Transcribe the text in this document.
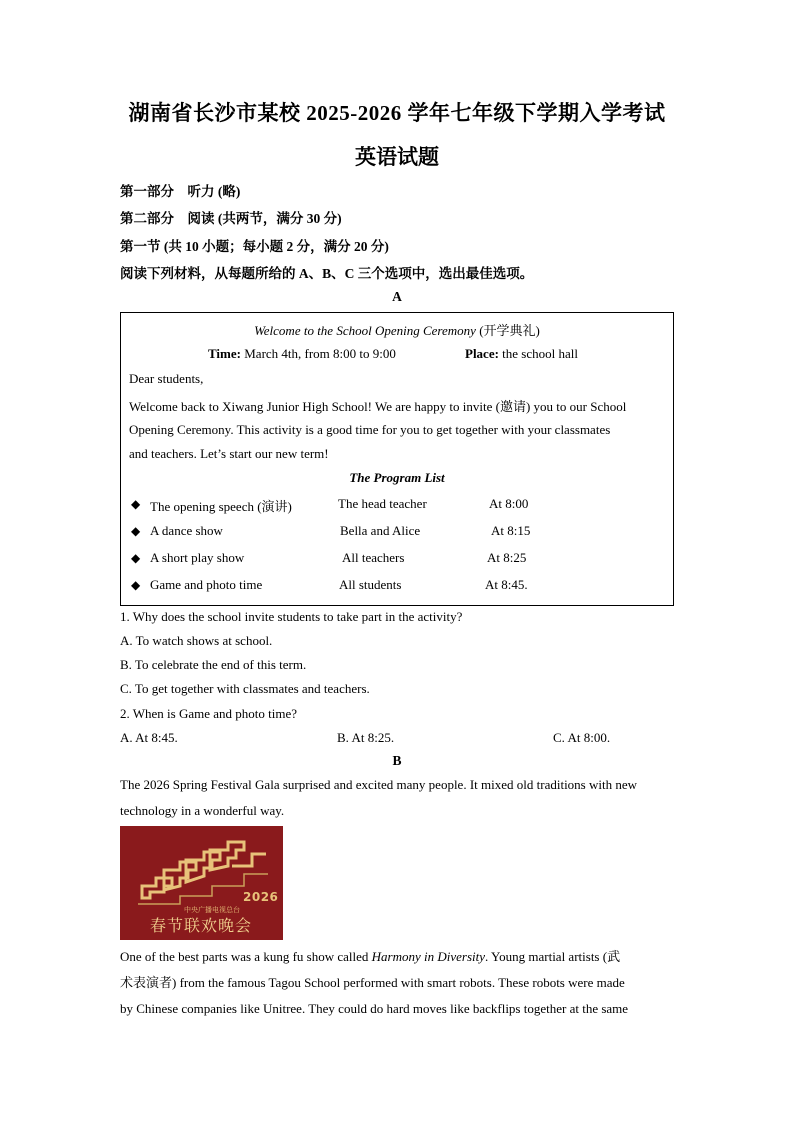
湖南省长沙市某校 2025-2026 学年七年级下学期入学考试
英语试题
第一部分　听力 (略)
第二部分　阅读 (共两节，满分 30 分)
第一节 (共 10 小题；每小题 2 分，满分 20 分)
阅读下列材料，从每题所给的 A、B、C 三个选项中，选出最佳选项。
A
Welcome to the School Opening Ceremony (开学典礼)
Time: March 4th, from 8:00 to 9:00	Place: the school hall
Dear students,
Welcome back to Xiwang Junior High School! We are happy to invite (邀请) you to our School
Opening Ceremony. This activity is a good time for you to get together with your classmates
and teachers. Let’s start our new term!
The Program List
◆ The opening speech (演讲)	The head teacher	At 8:00
◆ A dance show	Bella and Alice	At 8:15
◆ A short play show	All teachers	At 8:25
◆ Game and photo time	All students	At 8:45.
1. Why does the school invite students to take part in the activity?
A. To watch shows at school.
B. To celebrate the end of this term.
C. To get together with classmates and teachers.
2. When is Game and photo time?
A. At 8:45.	B. At 8:25.	C. At 8:00.
B
The 2026 Spring Festival Gala surprised and excited many people. It mixed old traditions with new
technology in a wonderful way.
2026
中央广播电视总台
春节联欢晚会
One of the best parts was a kung fu show called Harmony in Diversity. Young martial artists (武
术表演者) from the famous Tagou School performed with smart robots. These robots were made
by Chinese companies like Unitree. They could do hard moves like backflips together at the same
